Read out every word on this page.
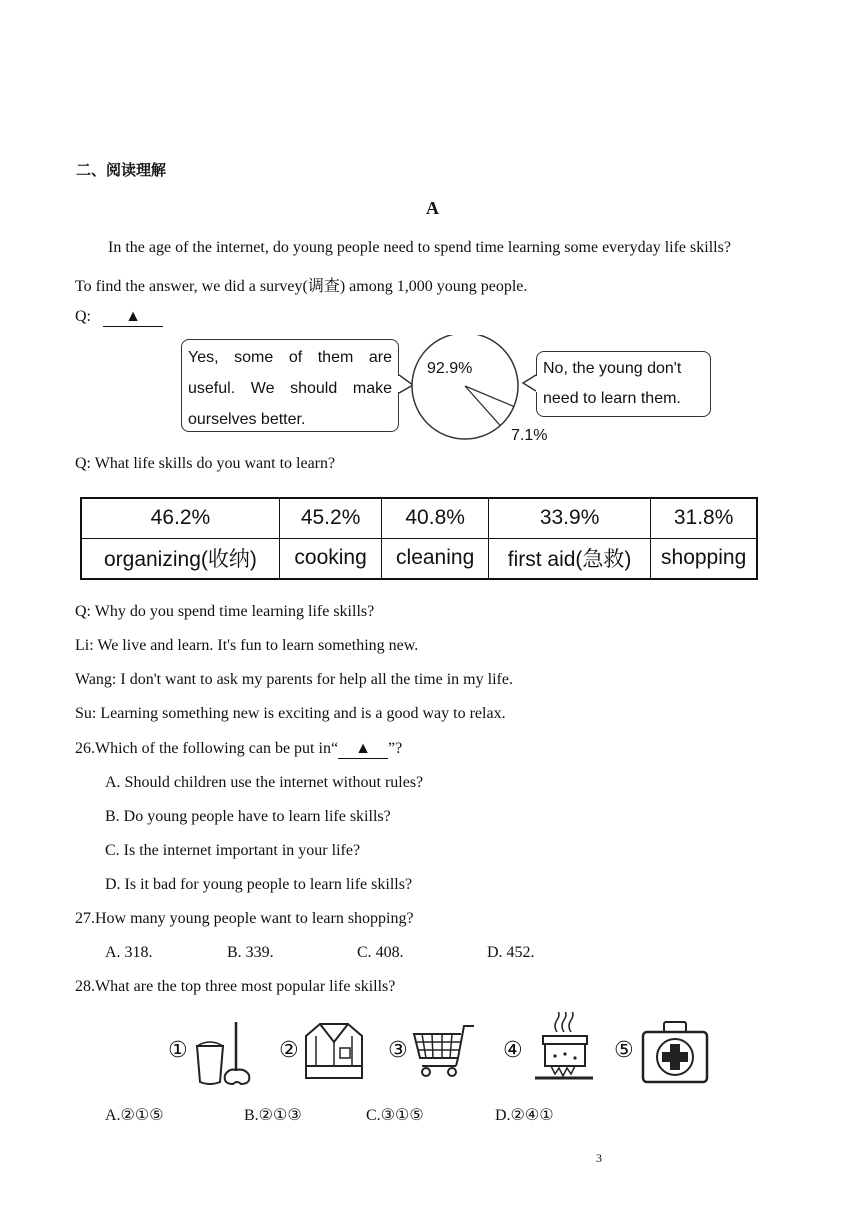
二、阅读理解
A
In the age of the internet, do young people need to spend time learning some everyday life skills?
To find the answer, we did a survey(调查) among 1,000 young people.
Q: ▲
Yes, some of them are
useful. We should make
ourselves better.
No, the young don't
need to learn them.
92.9%
7.1%
Q: What life skills do you want to learn?
46.2%	45.2%	40.8%	33.9%	31.8%
organizing(收纳)	cooking	cleaning	first aid(急救)	shopping
Q: Why do you spend time learning life skills?
Li: We live and learn. It's fun to learn something new.
Wang: I don't want to ask my parents for help all the time in my life.
Su: Learning something new is exciting and is a good way to relax.
26.Which of the following can be put in“ ▲ ”?
A. Should children use the internet without rules?
B. Do young people have to learn life skills?
C. Is the internet important in your life?
D. Is it bad for young people to learn life skills?
27.How many young people want to learn shopping?
A. 318.	B. 339.	C. 408.	D. 452.
28.What are the top three most popular life skills?
①	②	③	④	⑤
A.②①⑤	B.②①③	C.③①⑤	D.②④①
3
